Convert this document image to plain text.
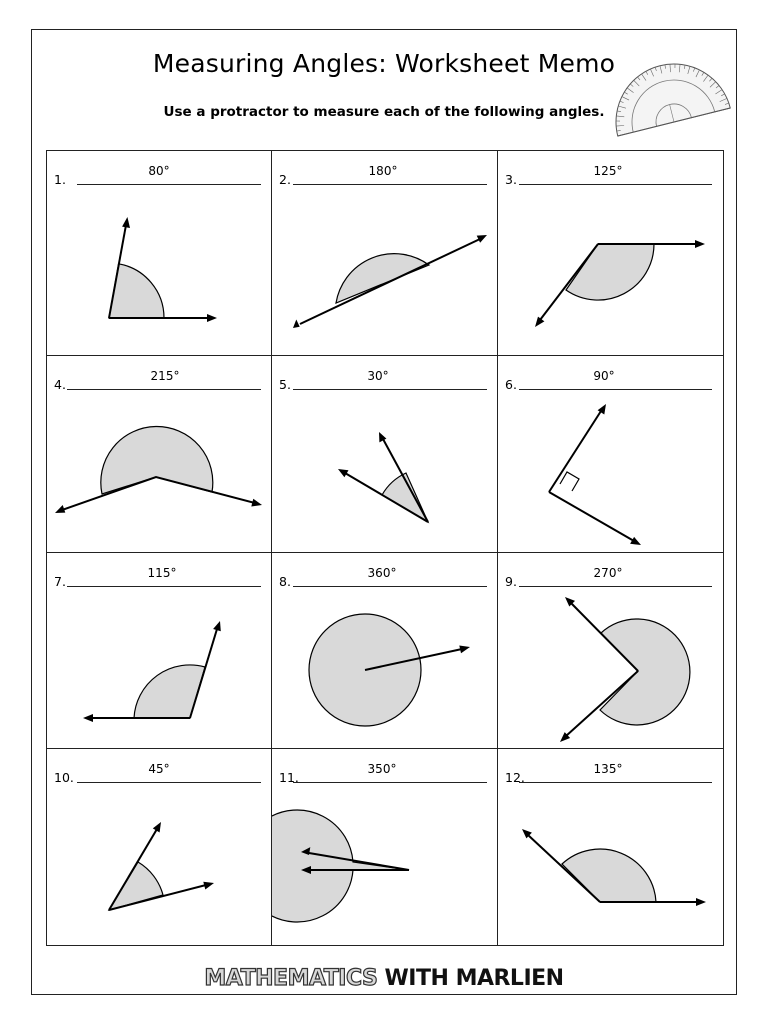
Measuring Angles: Worksheet Memo
Use a protractor to measure each of the following angles.
1.
80°
2.
180°
3.
125°
4.
215°
5.
30°
6.
90°
7.
115°
8.
360°
9.
270°
10.
45°
11.
350°
12.
135°
MATHEMATICS WITH MARLIEN
